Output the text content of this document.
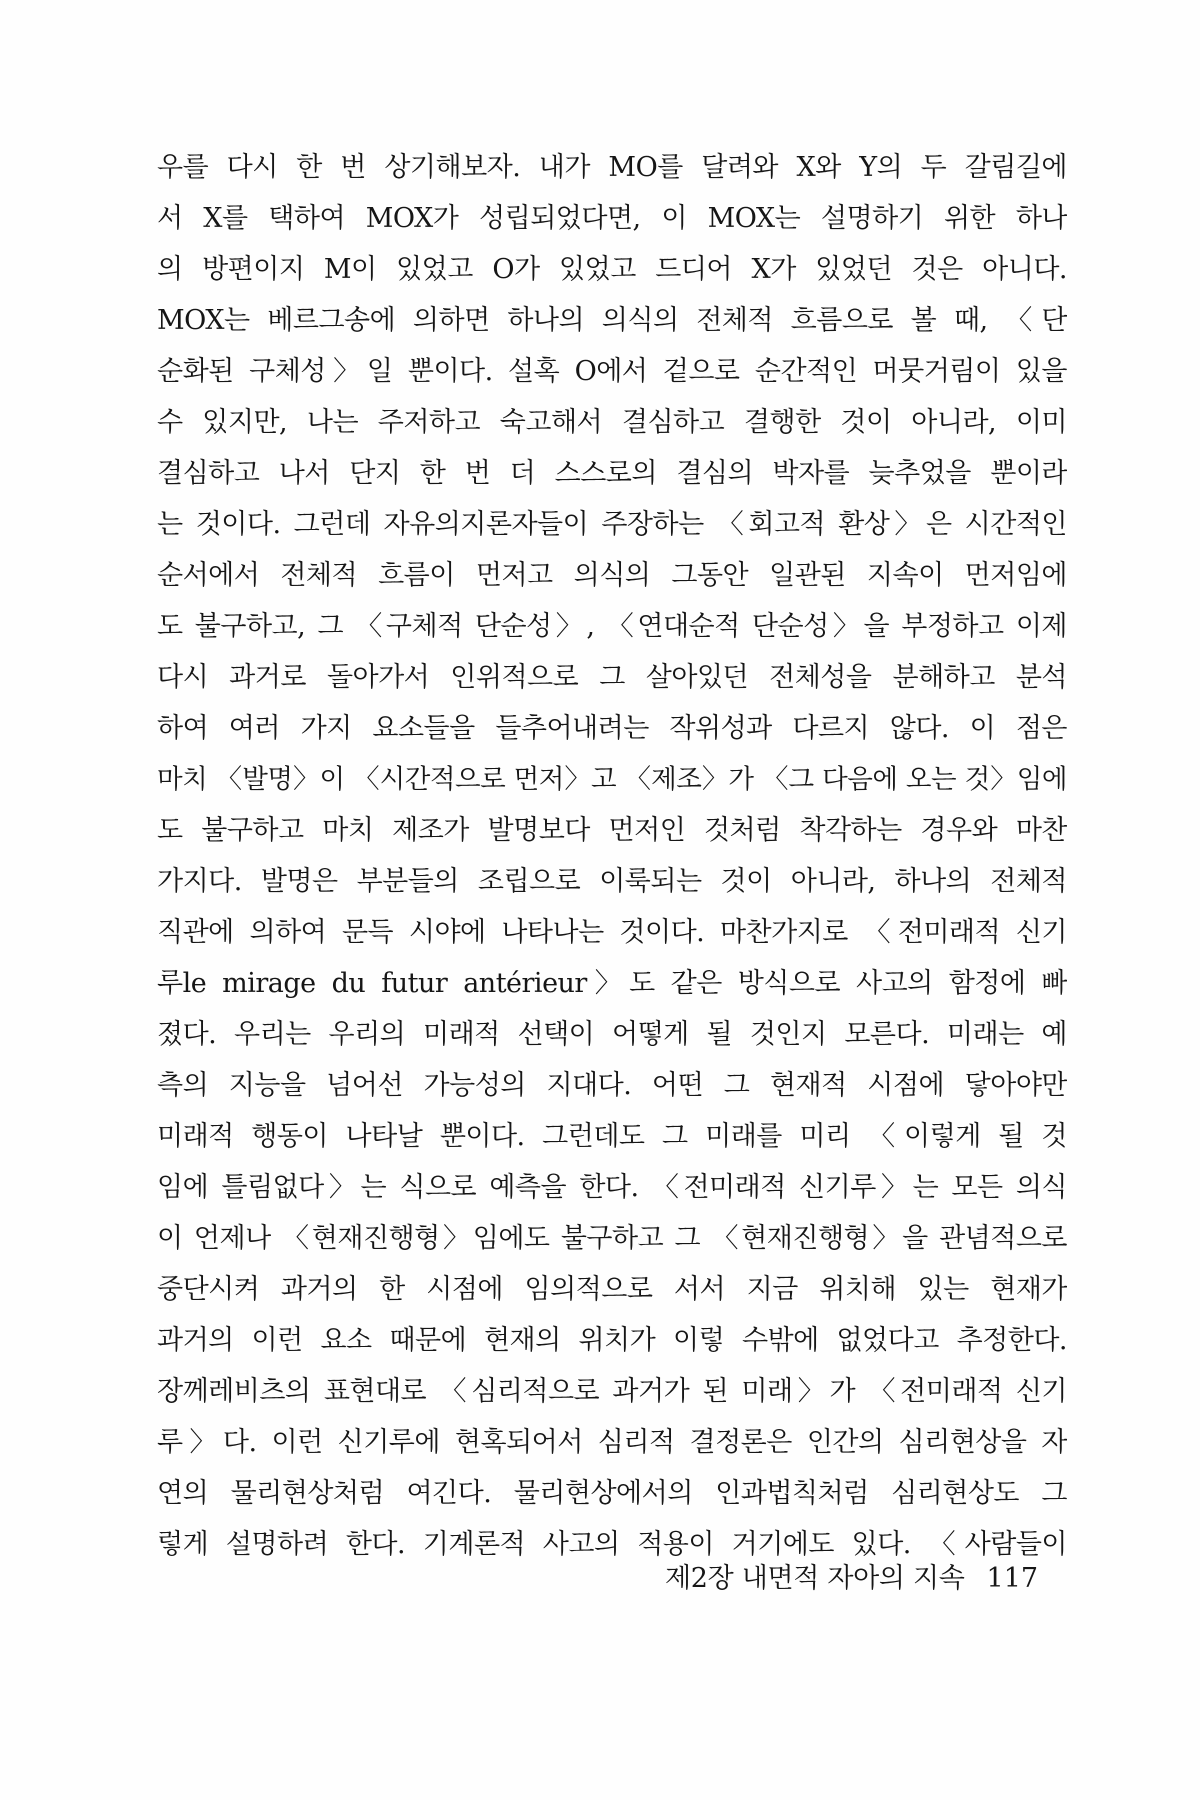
우를 다시 한 번 상기해보자. 내가 MO를 달려와 X와 Y의 두 갈림길에
서 X를 택하여 MOX가 성립되었다면, 이 MOX는 설명하기 위한 하나
의 방편이지 M이 있었고 O가 있었고 드디어 X가 있었던 것은 아니다.
MOX는 베르그송에 의하면 하나의 의식의 전체적 흐름으로 볼 때, 〈단
순화된 구체성〉일 뿐이다. 설혹 O에서 겉으로 순간적인 머뭇거림이 있을
수 있지만, 나는 주저하고 숙고해서 결심하고 결행한 것이 아니라, 이미
결심하고 나서 단지 한 번 더 스스로의 결심의 박자를 늦추었을 뿐이라
는 것이다. 그런데 자유의지론자들이 주장하는 〈회고적 환상〉은 시간적인
순서에서 전체적 흐름이 먼저고 의식의 그동안 일관된 지속이 먼저임에
도 불구하고, 그 〈구체적 단순성〉, 〈연대순적 단순성〉을 부정하고 이제
다시 과거로 돌아가서 인위적으로 그 살아있던 전체성을 분해하고 분석
하여 여러 가지 요소들을 들추어내려는 작위성과 다르지 않다. 이 점은
마치 〈발명〉이 〈시간적으로 먼저〉고 〈제조〉가 〈그 다음에 오는 것〉임에
도 불구하고 마치 제조가 발명보다 먼저인 것처럼 착각하는 경우와 마찬
가지다. 발명은 부분들의 조립으로 이룩되는 것이 아니라, 하나의 전체적
직관에 의하여 문득 시야에 나타나는 것이다. 마찬가지로 〈전미래적 신기
루le mirage du futur antérieur〉도 같은 방식으로 사고의 함정에 빠
졌다. 우리는 우리의 미래적 선택이 어떻게 될 것인지 모른다. 미래는 예
측의 지능을 넘어선 가능성의 지대다. 어떤 그 현재적 시점에 닿아야만
미래적 행동이 나타날 뿐이다. 그런데도 그 미래를 미리 〈이렇게 될 것
임에 틀림없다〉는 식으로 예측을 한다. 〈전미래적 신기루〉는 모든 의식
이 언제나 〈현재진행형〉임에도 불구하고 그 〈현재진행형〉을 관념적으로
중단시켜 과거의 한 시점에 임의적으로 서서 지금 위치해 있는 현재가
과거의 이런 요소 때문에 현재의 위치가 이렇 수밖에 없었다고 추정한다.
장께레비츠의 표현대로 〈심리적으로 과거가 된 미래〉가 〈전미래적 신기
루〉다. 이런 신기루에 현혹되어서 심리적 결정론은 인간의 심리현상을 자
연의 물리현상처럼 여긴다. 물리현상에서의 인과법칙처럼 심리현상도 그
렇게 설명하려 한다. 기계론적 사고의 적용이 거기에도 있다. 〈사람들이
제2장 내면적 자아의 지속 117
